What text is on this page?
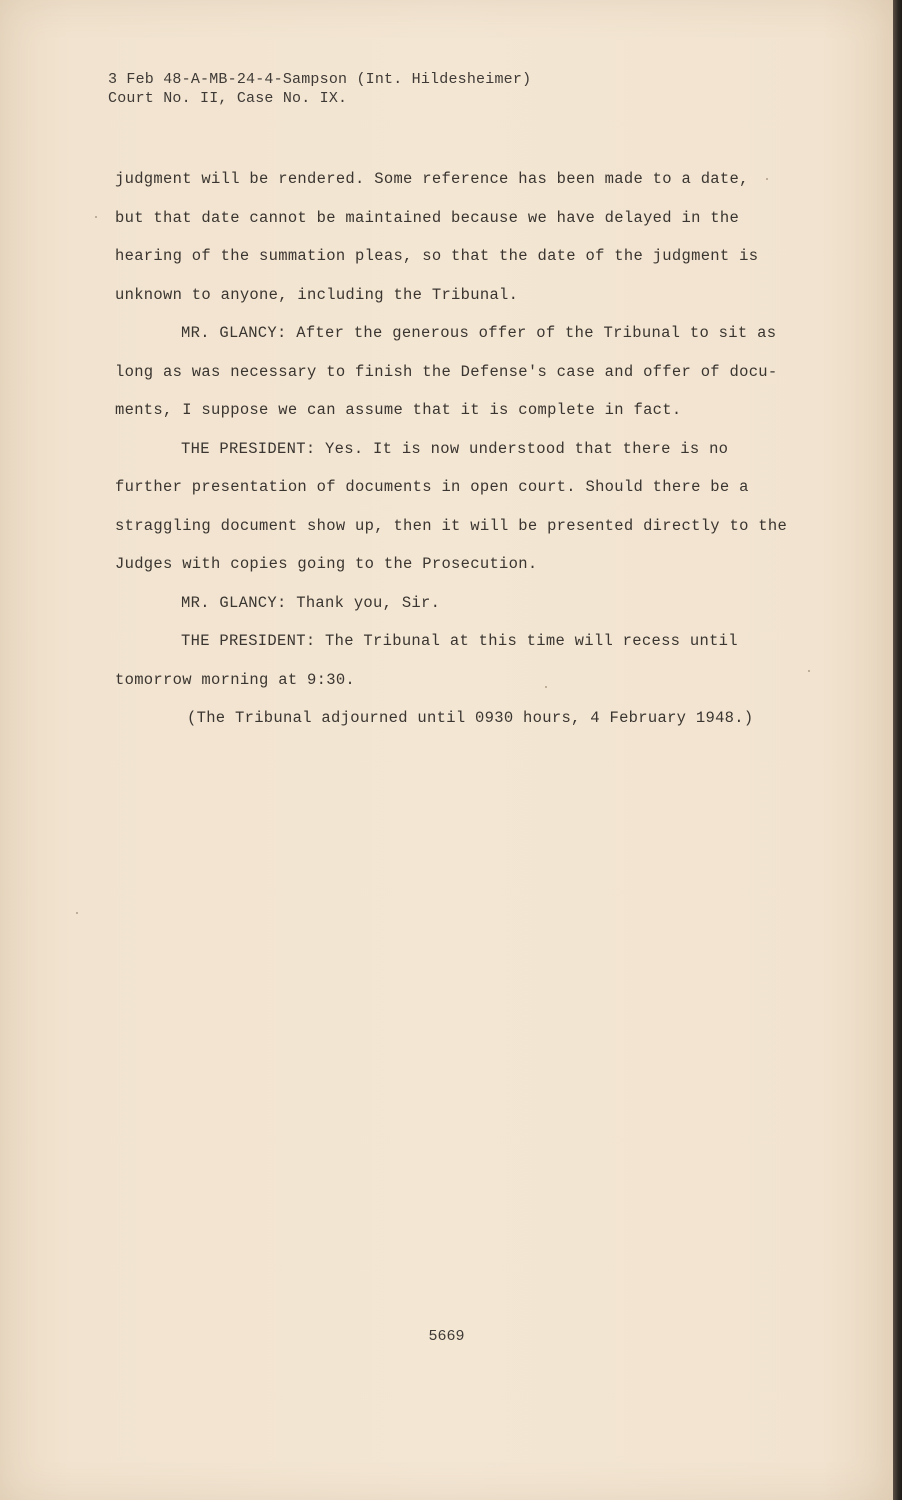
3 Feb 48-A-MB-24-4-Sampson (Int. Hildesheimer)
Court No. II, Case No. IX.
judgment will be rendered. Some reference has been made to a date,
but that date cannot be maintained because we have delayed in the
hearing of the summation pleas, so that the date of the judgment is
unknown to anyone, including the Tribunal.
MR. GLANCY: After the generous offer of the Tribunal to sit as
long as was necessary to finish the Defense's case and offer of docu-
ments, I suppose we can assume that it is complete in fact.
THE PRESIDENT: Yes. It is now understood that there is no
further presentation of documents in open court. Should there be a
straggling document show up, then it will be presented directly to the
Judges with copies going to the Prosecution.
MR. GLANCY: Thank you, Sir.
THE PRESIDENT: The Tribunal at this time will recess until
tomorrow morning at 9:30.
(The Tribunal adjourned until 0930 hours, 4 February 1948.)
5669
